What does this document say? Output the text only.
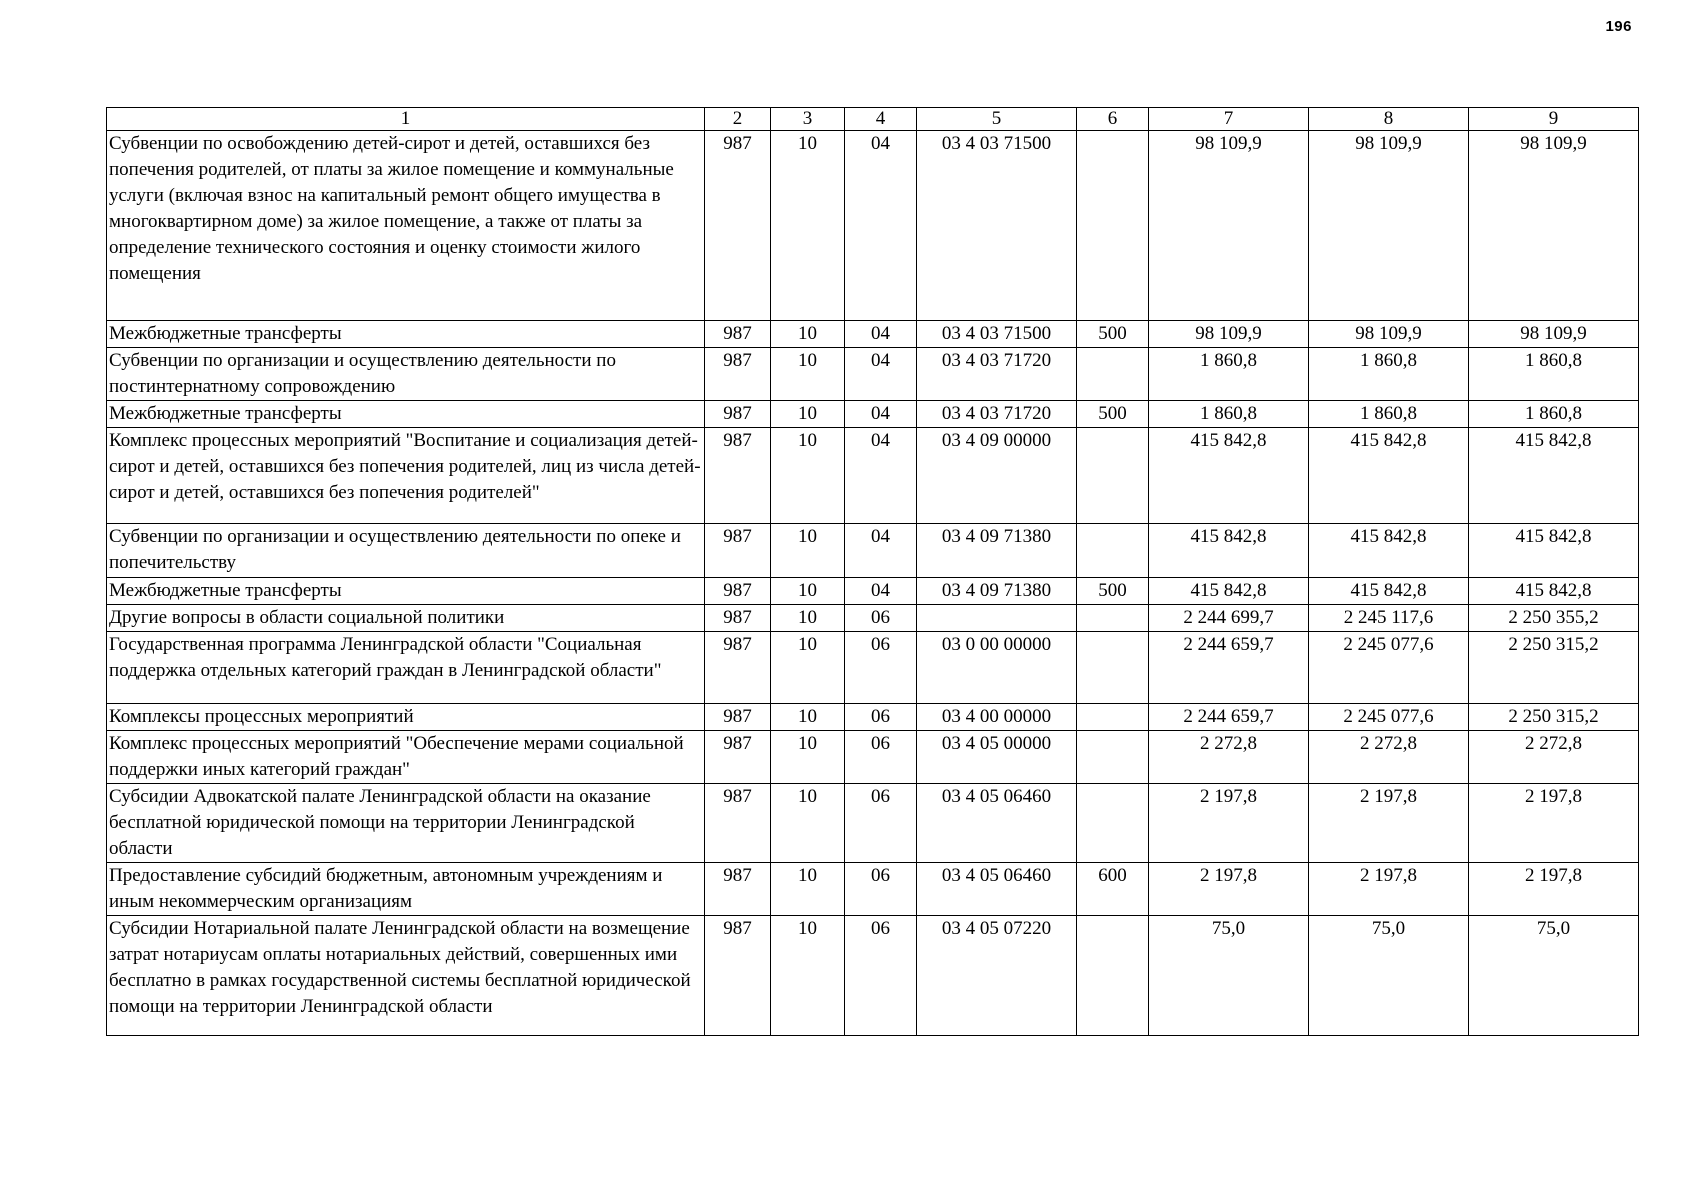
196
1	2	3	4	5	6	7	8	9
Субвенции по освобождению детей-сирот и детей, оставшихся без попечения родителей, от платы за жилое помещение и коммунальные услуги (включая взнос на капитальный ремонт общего имущества в многоквартирном доме) за жилое помещение, а также от платы за определение технического состояния и оценку стоимости жилого помещения	987	10	04	03 4 03 71500		98 109,9	98 109,9	98 109,9
Межбюджетные трансферты	987	10	04	03 4 03 71500	500	98 109,9	98 109,9	98 109,9
Субвенции по организации и осуществлению деятельности по постинтернатному сопровождению	987	10	04	03 4 03 71720		1 860,8	1 860,8	1 860,8
Межбюджетные трансферты	987	10	04	03 4 03 71720	500	1 860,8	1 860,8	1 860,8
Комплекс процессных мероприятий "Воспитание и социализация детей-сирот и детей, оставшихся без попечения родителей, лиц из числа детей-сирот и детей, оставшихся без попечения родителей"	987	10	04	03 4 09 00000		415 842,8	415 842,8	415 842,8
Субвенции по организации и осуществлению деятельности по опеке и попечительству	987	10	04	03 4 09 71380		415 842,8	415 842,8	415 842,8
Межбюджетные трансферты	987	10	04	03 4 09 71380	500	415 842,8	415 842,8	415 842,8
Другие вопросы в области социальной политики	987	10	06			2 244 699,7	2 245 117,6	2 250 355,2
Государственная программа Ленинградской области "Социальная поддержка отдельных категорий граждан в Ленинградской области"	987	10	06	03 0 00 00000		2 244 659,7	2 245 077,6	2 250 315,2
Комплексы процессных мероприятий	987	10	06	03 4 00 00000		2 244 659,7	2 245 077,6	2 250 315,2
Комплекс процессных мероприятий "Обеспечение мерами социальной поддержки иных категорий граждан"	987	10	06	03 4 05 00000		2 272,8	2 272,8	2 272,8
Субсидии Адвокатской палате Ленинградской области на оказание бесплатной юридической помощи на территории Ленинградской области	987	10	06	03 4 05 06460		2 197,8	2 197,8	2 197,8
Предоставление субсидий бюджетным, автономным учреждениям и иным некоммерческим организациям	987	10	06	03 4 05 06460	600	2 197,8	2 197,8	2 197,8
Субсидии Нотариальной палате Ленинградской области на возмещение затрат нотариусам оплаты нотариальных действий, совершенных ими бесплатно в рамках государственной системы бесплатной юридической помощи на территории Ленинградской области	987	10	06	03 4 05 07220		75,0	75,0	75,0
